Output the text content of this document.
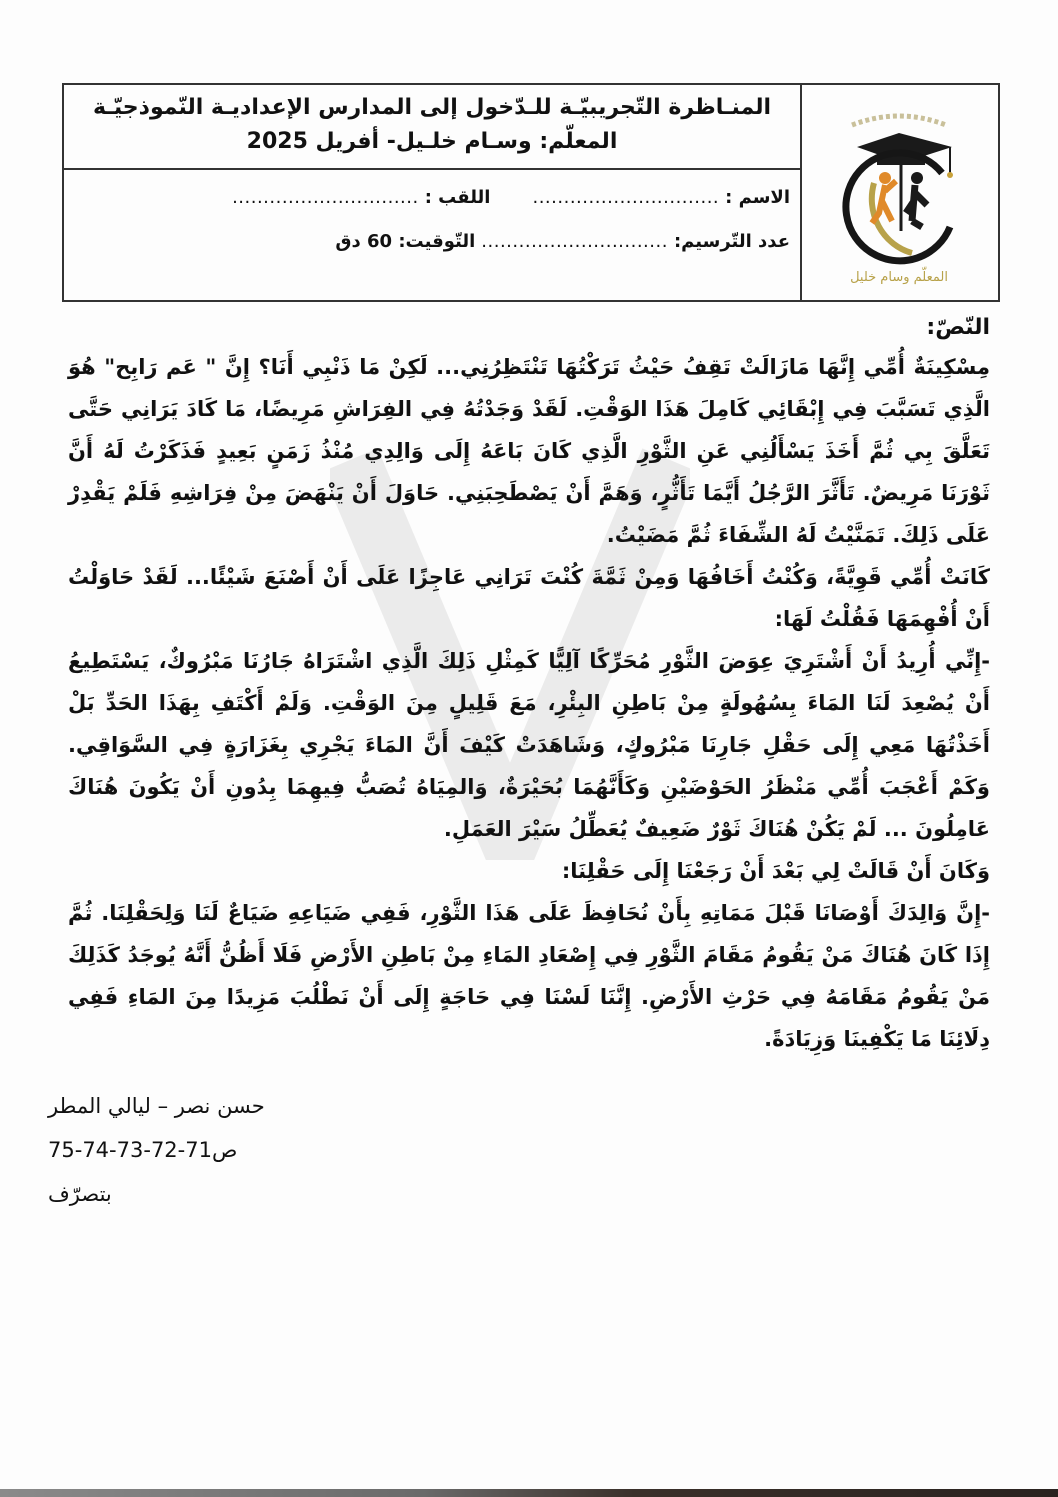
المنـاظرة التّجريبيّـة للـدّخول إلى المدارس الإعداديـة النّموذجيّـة
المعلّم: وسـام خلـيل- أفريل 2025
الاسم :
..............................
اللقب :
..............................
عدد التّرسيم:
..............................
التّوقيت: 60 دق
المعلّم وسام خليل
النّصّ:

مِسْكِينَةٌ أُمِّي إِنَّهَا مَازَالَتْ تَقِفُ حَيْثُ تَرَكْتُهَا تَنْتَظِرُنِي... لَكِنْ مَا ذَنْبِي أَنَا؟ إِنَّ " عَم رَابِح" هُوَ الَّذِي تَسَبَّبَ فِي إِبْقَائِي كَامِلَ هَذَا الوَقْتِ. لَقَدْ وَجَدْتُهُ فِي الفِرَاشِ مَرِيضًا، مَا كَادَ يَرَانِي حَتَّى تَعَلَّقَ بِي ثُمَّ أَخَذَ يَسْأَلُنِي عَنِ الثَّوْرِ الَّذِي كَانَ بَاعَهُ إِلَى وَالِدِي مُنْذُ زَمَنٍ بَعِيدٍ فَذَكَرْتُ لَهُ أَنَّ ثَوْرَنَا مَرِيضٌ. تَأَثَّرَ الرَّجُلُ أَيَّمَا تَأَثُّرٍ، وَهَمَّ أَنْ يَصْطَحِبَنِي. حَاوَلَ أَنْ يَنْهَضَ مِنْ فِرَاشِهِ فَلَمْ يَقْدِرْ عَلَى ذَلِكَ. تَمَنَّيْتُ لَهُ الشِّفَاءَ ثُمَّ مَضَيْتُ.

كَانَتْ أُمِّي قَوِيَّةً، وَكُنْتُ أَخَافُهَا وَمِنْ ثَمَّةَ كُنْتَ تَرَانِي عَاجِزًا عَلَى أَنْ أَصْنَعَ شَيْئًا... لَقَدْ حَاوَلْتُ أَنْ أُفْهِمَهَا فَقُلْتُ لَهَا:

-إِنِّي أُرِيدُ أَنْ أَشْتَرِيَ عِوَضَ الثَّوْرِ مُحَرِّكًا آلِيًّا كَمِثْلِ ذَلِكَ الَّذِي اشْتَرَاهُ جَارُنَا مَبْرُوكٌ، يَسْتَطِيعُ أَنْ يُصْعِدَ لَنَا المَاءَ بِسُهُولَةٍ مِنْ بَاطِنِ البِئْرِ، مَعَ قَلِيلٍ مِنَ الوَقْتِ. وَلَمْ أَكْتَفِ بِهَذَا الحَدِّ بَلْ أَخَذْتُهَا مَعِي إِلَى حَقْلِ جَارِنَا مَبْرُوكٍ، وَشَاهَدَتْ كَيْفَ أَنَّ المَاءَ يَجْرِي بِغَزَارَةٍ فِي السَّوَاقِي. وَكَمْ أَعْجَبَ أُمِّي مَنْظَرُ الحَوْضَيْنِ وَكَأَنَّهُمَا بُحَيْرَةٌ، وَالمِيَاهُ تُصَبُّ فِيهِمَا بِدُونِ أَنْ يَكُونَ هُنَاكَ عَامِلُونَ ... لَمْ يَكُنْ هُنَاكَ ثَوْرٌ ضَعِيفٌ يُعَطِّلُ سَيْرَ العَمَلِ.

وَكَانَ أَنْ قَالَتْ لِي بَعْدَ أَنْ رَجَعْنَا إِلَى حَقْلِنَا:

-إِنَّ وَالِدَكَ أَوْصَانَا قَبْلَ مَمَاتِهِ بِأَنْ نُحَافِظَ عَلَى هَذَا الثَّوْرِ، فَفِي ضَيَاعِهِ ضَيَاعٌ لَنَا وَلِحَقْلِنَا. ثُمَّ إِذَا كَانَ هُنَاكَ مَنْ يَقُومُ مَقَامَ الثَّوْرِ فِي إِصْعَادِ المَاءِ مِنْ بَاطِنِ الأَرْضِ فَلَا أَظُنُّ أَنَّهُ يُوجَدُ كَذَلِكَ مَنْ يَقُومُ مَقَامَهُ فِي حَرْثِ الأَرْضِ. إِنَّنَا لَسْنَا فِي حَاجَةٍ إِلَى أَنْ نَطْلُبَ مَزِيدًا مِنَ المَاءِ فَفِي دِلَائِنَا مَا يَكْفِينَا وَزِيَادَةً.

حسن نصر – ليالي المطر
ص71-72-73-74-75
بتصرّف
